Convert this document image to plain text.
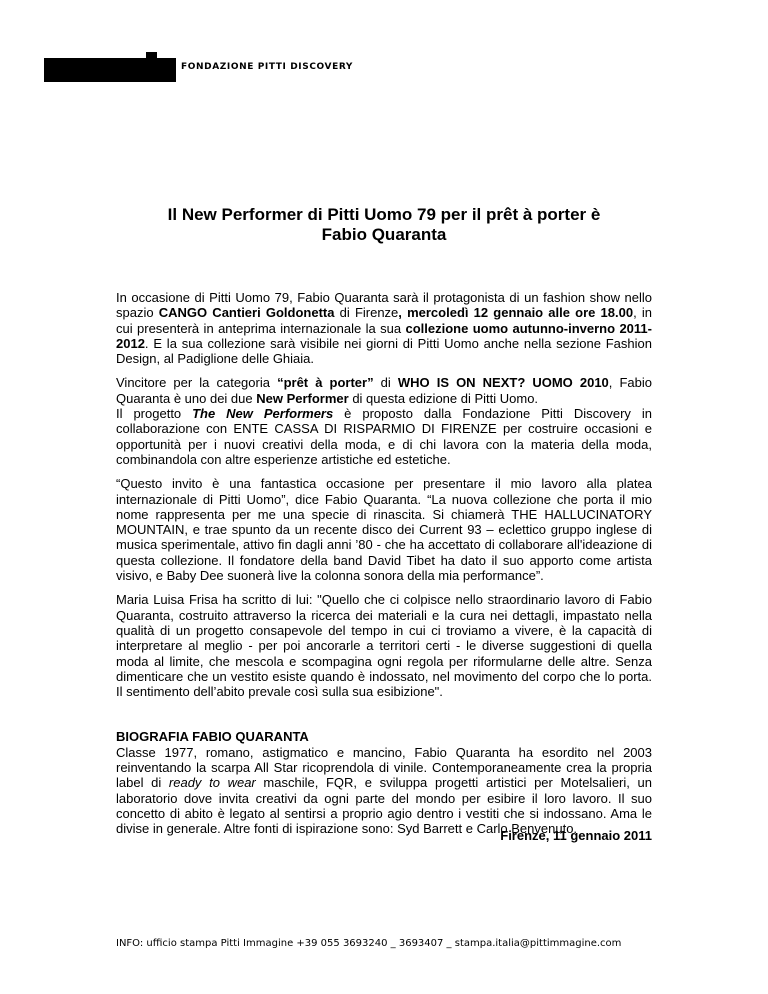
FONDAZIONE PITTI DISCOVERY
Il New Performer di Pitti Uomo 79 per il prêt à porter è
Fabio Quaranta

In occasione di Pitti Uomo 79, Fabio Quaranta sarà il protagonista di un fashion show nello spazio CANGO Cantieri Goldonetta di Firenze, mercoledì 12 gennaio alle ore 18.00, in cui presenterà in anteprima internazionale la sua collezione uomo autunno-inverno 2011-2012. E la sua collezione sarà visibile nei giorni di Pitti Uomo anche nella sezione Fashion Design, al Padiglione delle Ghiaia.

Vincitore per la categoria “prêt à porter” di WHO IS ON NEXT? UOMO 2010, Fabio Quaranta è uno dei due New Performer di questa edizione di Pitti Uomo.

Il progetto The New Performers è proposto dalla Fondazione Pitti Discovery in collaborazione con ENTE CASSA DI RISPARMIO DI FIRENZE per costruire occasioni e opportunità per i nuovi creativi della moda, e di chi lavora con la materia della moda, combinandola con altre esperienze artistiche ed estetiche.

“Questo invito è una fantastica occasione per presentare il mio lavoro alla platea internazionale di Pitti Uomo”, dice Fabio Quaranta. “La nuova collezione che porta il mio nome rappresenta per me una specie di rinascita. Si chiamerà THE HALLUCINATORY MOUNTAIN, e trae spunto da un recente disco dei Current 93 – eclettico gruppo inglese di musica sperimentale, attivo fin dagli anni ’80 - che ha accettato di collaborare all'ideazione di questa collezione. Il fondatore della band David Tibet ha dato il suo apporto come artista visivo, e Baby Dee suonerà live la colonna sonora della mia performance”.

Maria Luisa Frisa ha scritto di lui: "Quello che ci colpisce nello straordinario lavoro di Fabio Quaranta, costruito attraverso la ricerca dei materiali e la cura nei dettagli, impastato nella qualità di un progetto consapevole del tempo in cui ci troviamo a vivere, è la capacità di interpretare al meglio - per poi ancorarle a territori certi - le diverse suggestioni di quella moda al limite, che mescola e scompagina ogni regola per riformularne delle altre. Senza dimenticare che un vestito esiste quando è indossato, nel movimento del corpo che lo porta. Il sentimento dell’abito prevale così sulla sua esibizione".

BIOGRAFIA FABIO QUARANTA

Classe 1977, romano, astigmatico e mancino, Fabio Quaranta ha esordito nel 2003 reinventando la scarpa All Star ricoprendola di vinile. Contemporaneamente crea la propria label di ready to wear maschile, FQR, e sviluppa progetti artistici per Motelsalieri, un laboratorio dove invita creativi da ogni parte del mondo per esibire il loro lavoro. Il suo concetto di abito è legato al sentirsi a proprio agio dentro i vestiti che si indossano. Ama le divise in generale. Altre fonti di ispirazione sono: Syd Barrett e Carlo Benvenuto.

Firenze, 11 gennaio 2011
INFO: ufficio stampa Pitti Immagine +39 055 3693240 _ 3693407 _ stampa.italia@pittimmagine.com
